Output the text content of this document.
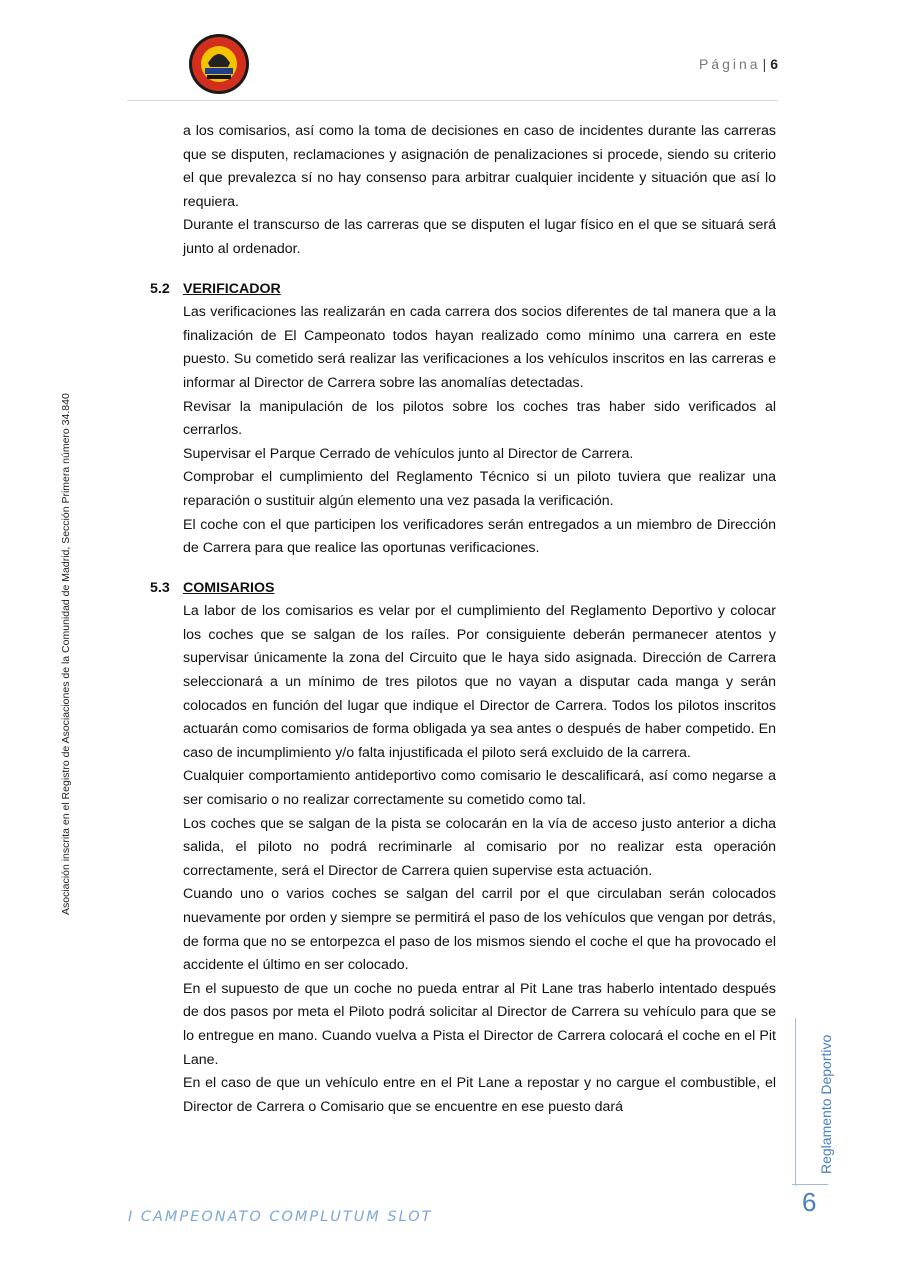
Página | 6
Asociación inscrita en el Registro de Asociaciones de la Comunidad de Madrid, Sección Primera número 34.840

a los comisarios, así como la toma de decisiones en caso de incidentes durante las carreras que se disputen, reclamaciones y asignación de penalizaciones si procede, siendo su criterio el que prevalezca sí no hay consenso para arbitrar cualquier incidente y situación que así lo requiera.

Durante el transcurso de las carreras que se disputen el lugar físico en el que se situará será junto al ordenador.

5.2 VERIFICADOR

Las verificaciones las realizarán en cada carrera dos socios diferentes de tal manera que a la finalización de El Campeonato todos hayan realizado como mínimo una carrera en este puesto. Su cometido será realizar las verificaciones a los vehículos inscritos en las carreras e informar al Director de Carrera sobre las anomalías detectadas.

Revisar la manipulación de los pilotos sobre los coches tras haber sido verificados al cerrarlos.

Supervisar el Parque Cerrado de vehículos junto al Director de Carrera.

Comprobar el cumplimiento del Reglamento Técnico si un piloto tuviera que realizar una reparación o sustituir algún elemento una vez pasada la verificación.

El coche con el que participen los verificadores serán entregados a un miembro de Dirección de Carrera para que realice las oportunas verificaciones.

5.3 COMISARIOS

La labor de los comisarios es velar por el cumplimiento del Reglamento Deportivo y colocar los coches que se salgan de los raíles. Por consiguiente deberán permanecer atentos y supervisar únicamente la zona del Circuito que le haya sido asignada. Dirección de Carrera seleccionará a un mínimo de tres pilotos que no vayan a disputar cada manga y serán colocados en función del lugar que indique el Director de Carrera. Todos los pilotos inscritos actuarán como comisarios de forma obligada ya sea antes o después de haber competido. En caso de incumplimiento y/o falta injustificada el piloto será excluido de la carrera.

Cualquier comportamiento antideportivo como comisario le descalificará, así como negarse a ser comisario o no realizar correctamente su cometido como tal.

Los coches que se salgan de la pista se colocarán en la vía de acceso justo anterior a dicha salida, el piloto no podrá recriminarle al comisario por no realizar esta operación correctamente, será el Director de Carrera quien supervise esta actuación.

Cuando uno o varios coches se salgan del carril por el que circulaban serán colocados nuevamente por orden y siempre se permitirá el paso de los vehículos que vengan por detrás, de forma que no se entorpezca el paso de los mismos siendo el coche el que ha provocado el accidente el último en ser colocado.

En el supuesto de que un coche no pueda entrar al Pit Lane tras haberlo intentado después de dos pasos por meta el Piloto podrá solicitar al Director de Carrera su vehículo para que se lo entregue en mano. Cuando vuelva a Pista el Director de Carrera colocará el coche en el Pit Lane.

En el caso de que un vehículo entre en el Pit Lane a repostar y no cargue el combustible, el Director de Carrera o Comisario que se encuentre en ese puesto dará

I CAMPEONATO COMPLUTUM SLOT
Reglamento Deportivo
6
